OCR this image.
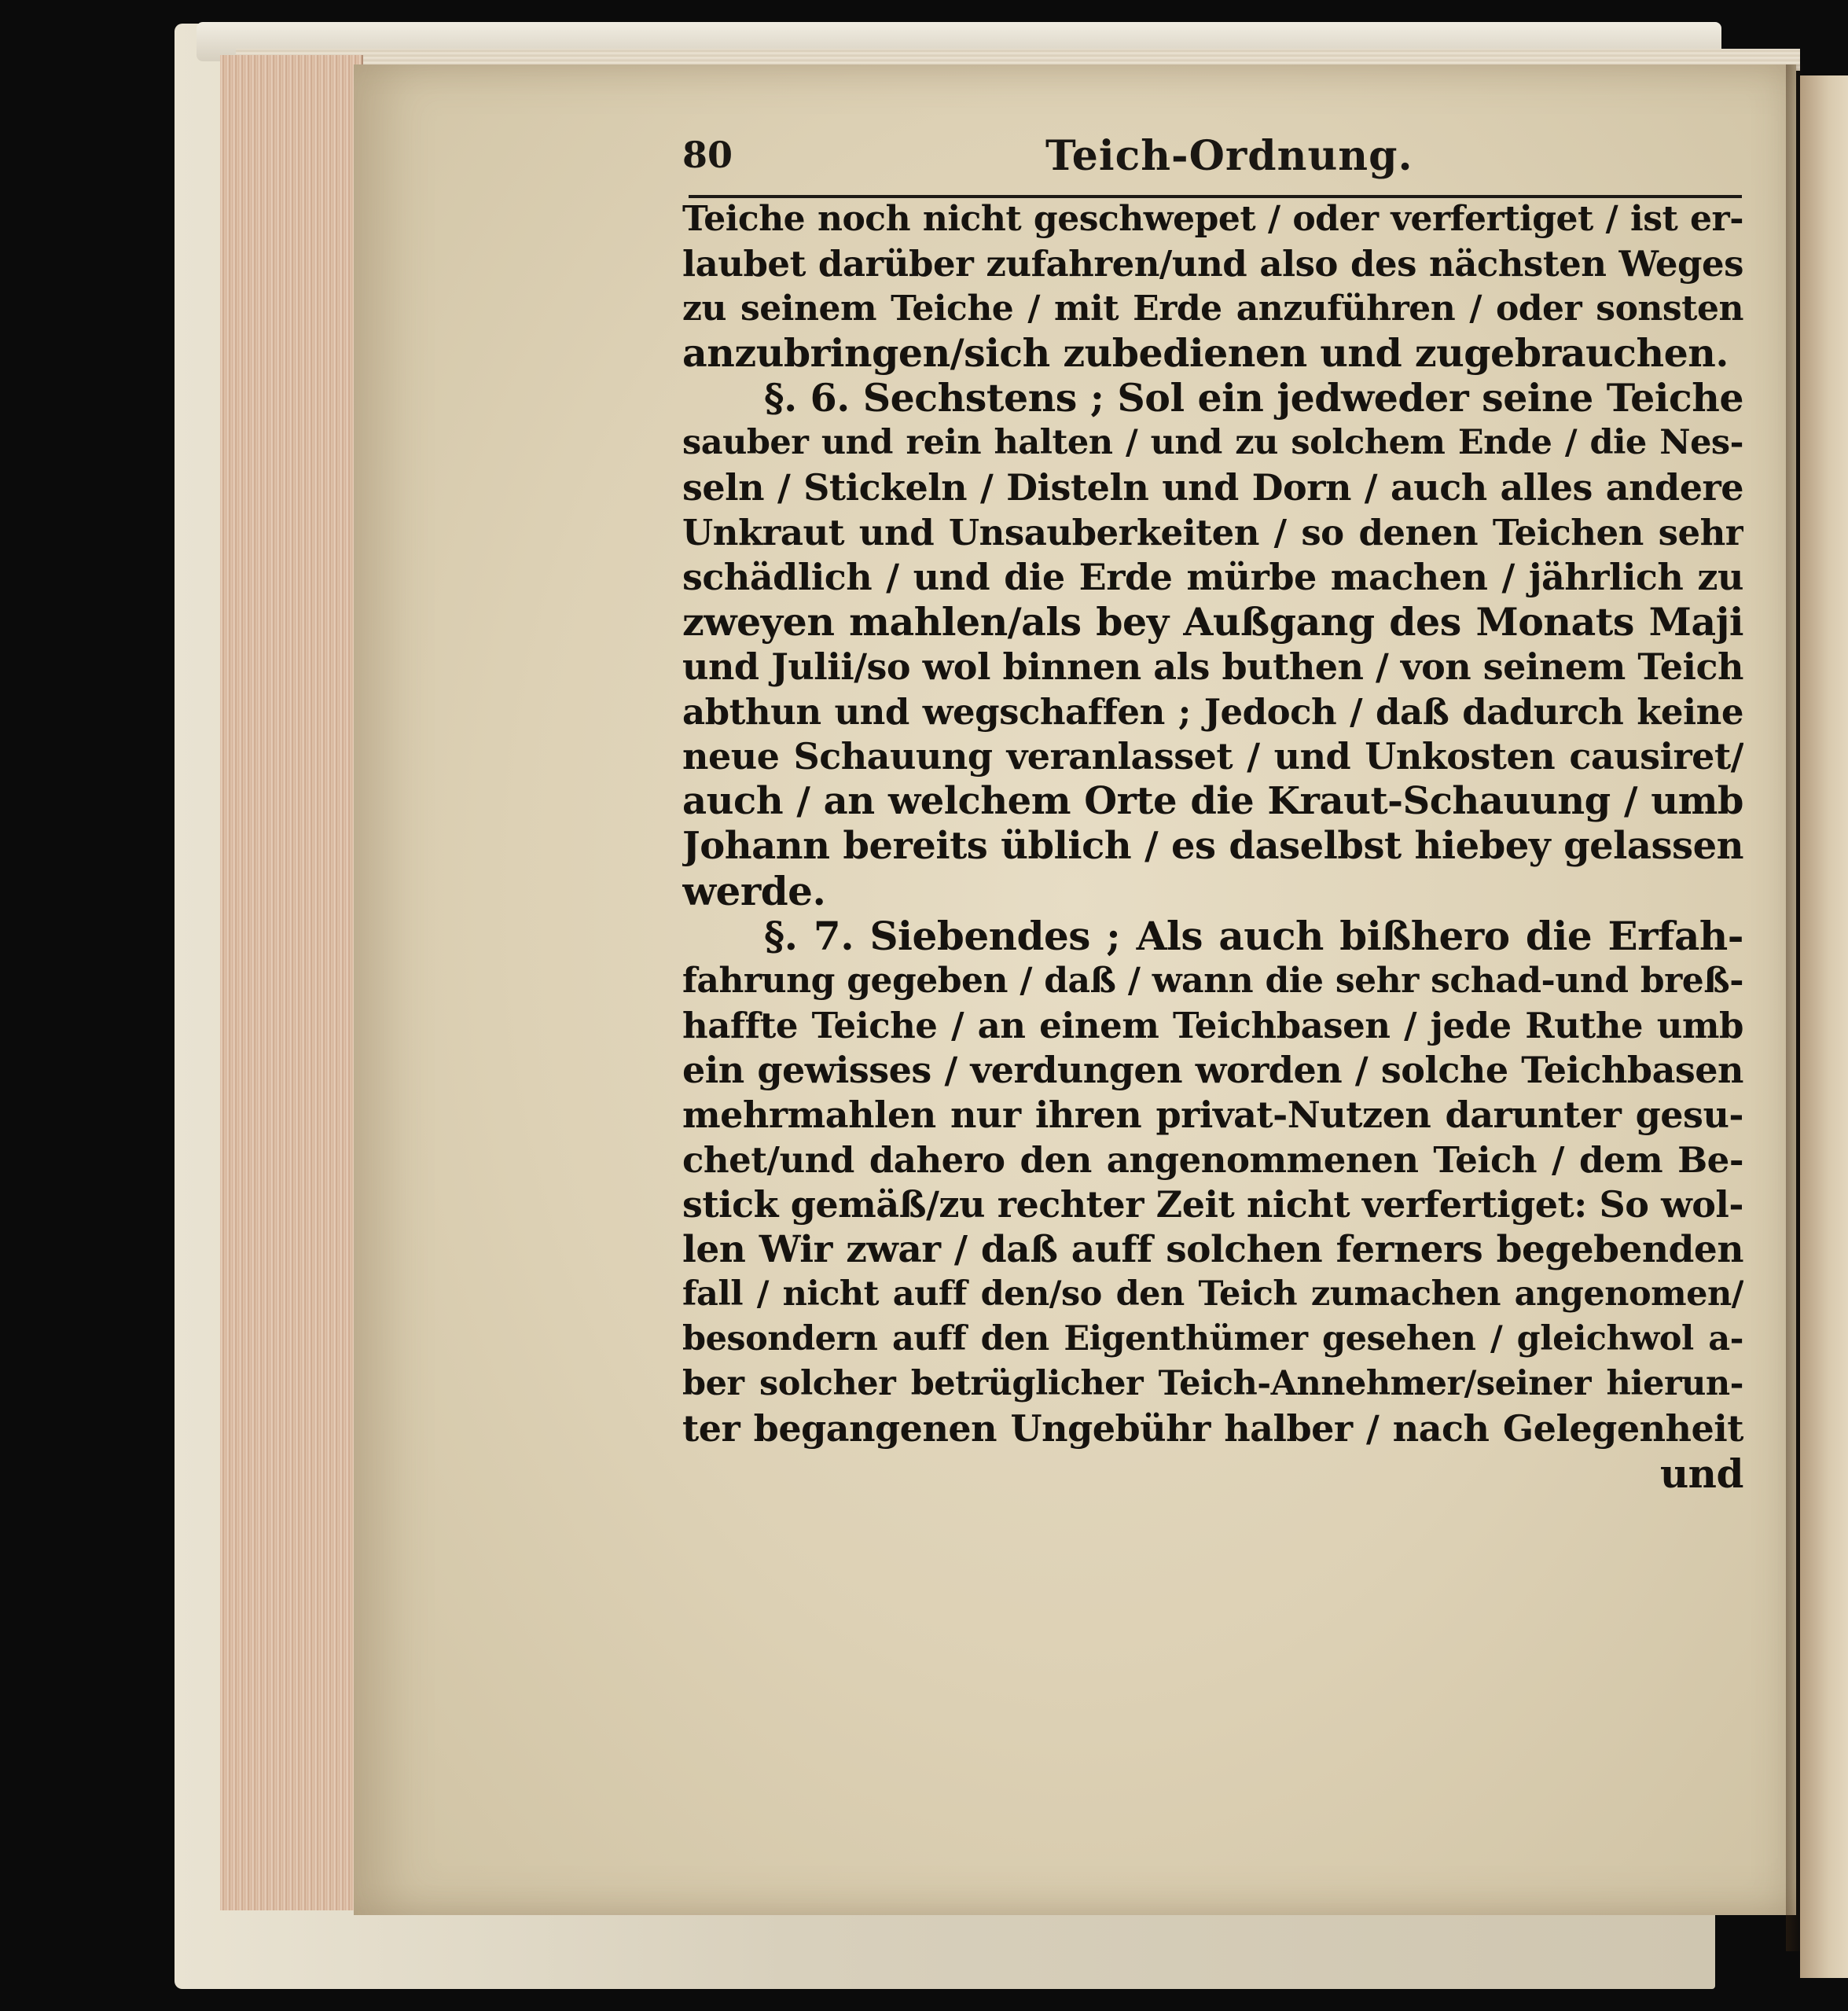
80	Teich-Ordnung.
Teiche noch nicht geschwepet / oder verfertiget / ist er-
laubet darüber zufahren/und also des nächsten Weges
zu seinem Teiche / mit Erde anzuführen / oder sonsten
anzubringen/sich zubedienen und zugebrauchen.
§. 6. Sechstens ; Sol ein jedweder seine Teiche
sauber und rein halten / und zu solchem Ende / die Nes-
seln / Stickeln / Disteln und Dorn / auch alles andere
Unkraut und Unsauberkeiten / so denen Teichen sehr
schädlich / und die Erde mürbe machen / jährlich zu
zweyen mahlen/als bey Außgang des Monats Maji
und Julii/so wol binnen als buthen / von seinem Teich
abthun und wegschaffen ; Jedoch / daß dadurch keine
neue Schauung veranlasset / und Unkosten causiret/
auch / an welchem Orte die Kraut-Schauung / umb
Johann bereits üblich / es daselbst hiebey gelassen
werde.
§. 7. Siebendes ; Als auch bißhero die Erfah-
fahrung gegeben / daß / wann die sehr schad-und breß-
haffte Teiche / an einem Teichbasen / jede Ruthe umb
ein gewisses / verdungen worden / solche Teichbasen
mehrmahlen nur ihren privat-Nutzen darunter gesu-
chet/und dahero den angenommenen Teich / dem Be-
stick gemäß/zu rechter Zeit nicht verfertiget: So wol-
len Wir zwar / daß auff solchen ferners begebenden
fall / nicht auff den/so den Teich zumachen angenomen/
besondern auff den Eigenthümer gesehen / gleichwol a-
ber solcher betrüglicher Teich-Annehmer/seiner hierun-
ter begangenen Ungebühr halber / nach Gelegenheit
und
